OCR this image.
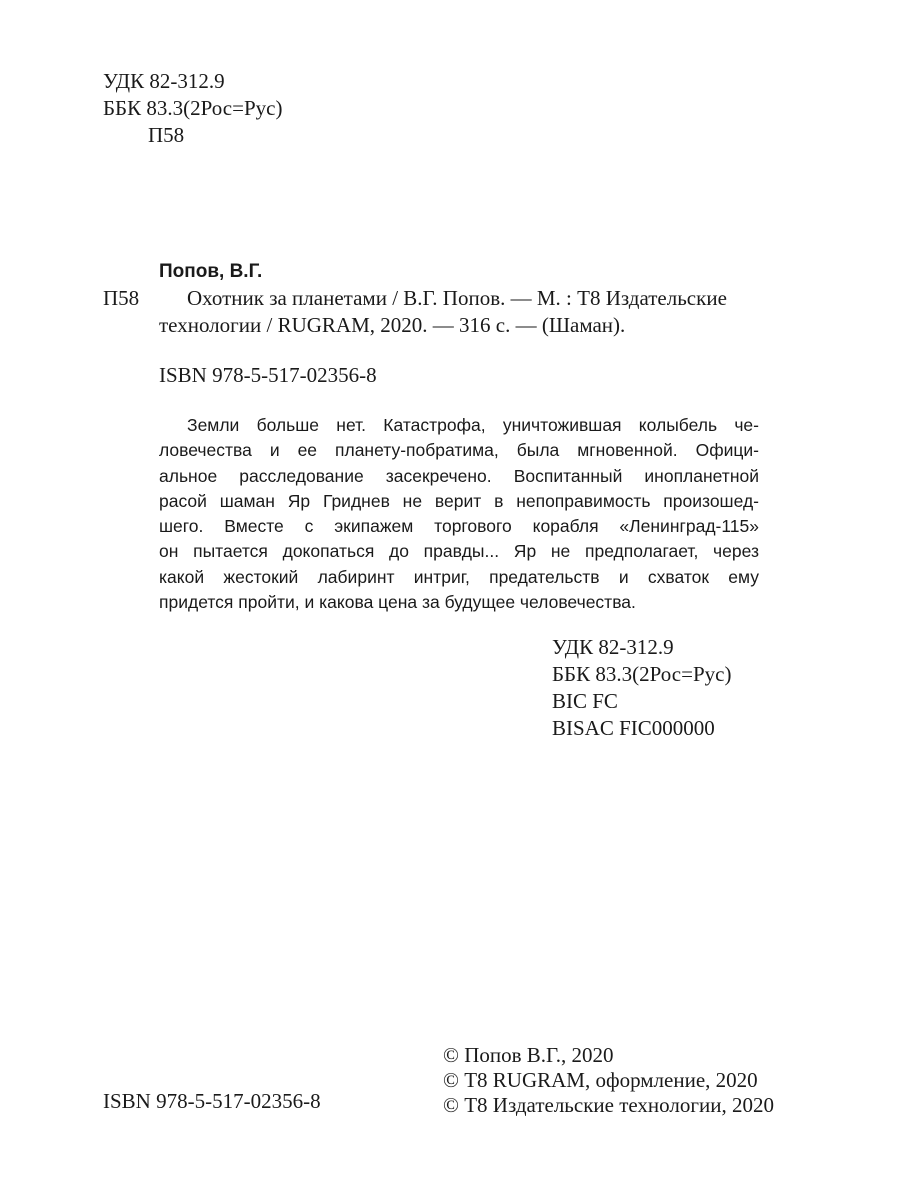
УДК 82-312.9
ББК 83.3(2Рос=Рус)
П58
Попов, В.Г.
П58	Охотник за планетами / В.Г. Попов. — М. : Т8 Издательские
технологии / RUGRAM, 2020. — 316 с. — (Шаман).
ISBN 978-5-517-02356-8
Земли больше нет. Катастрофа, уничтожившая колыбель че-
ловечества и ее планету-побратима, была мгновенной. Офици-
альное расследование засекречено. Воспитанный инопланетной
расой шаман Яр Гриднев не верит в непоправимость произошед-
шего. Вместе с экипажем торгового корабля «Ленинград-115»
он пытается докопаться до правды... Яр не предполагает, через
какой жестокий лабиринт интриг, предательств и схваток ему
придется пройти, и какова цена за будущее человечества.
УДК 82-312.9
ББК 83.3(2Рос=Рус)
BIC FC
BISAC FIC000000
ISBN 978-5-517-02356-8
© Попов В.Г., 2020
© Т8 RUGRAM, оформление, 2020
© Т8 Издательские технологии, 2020
